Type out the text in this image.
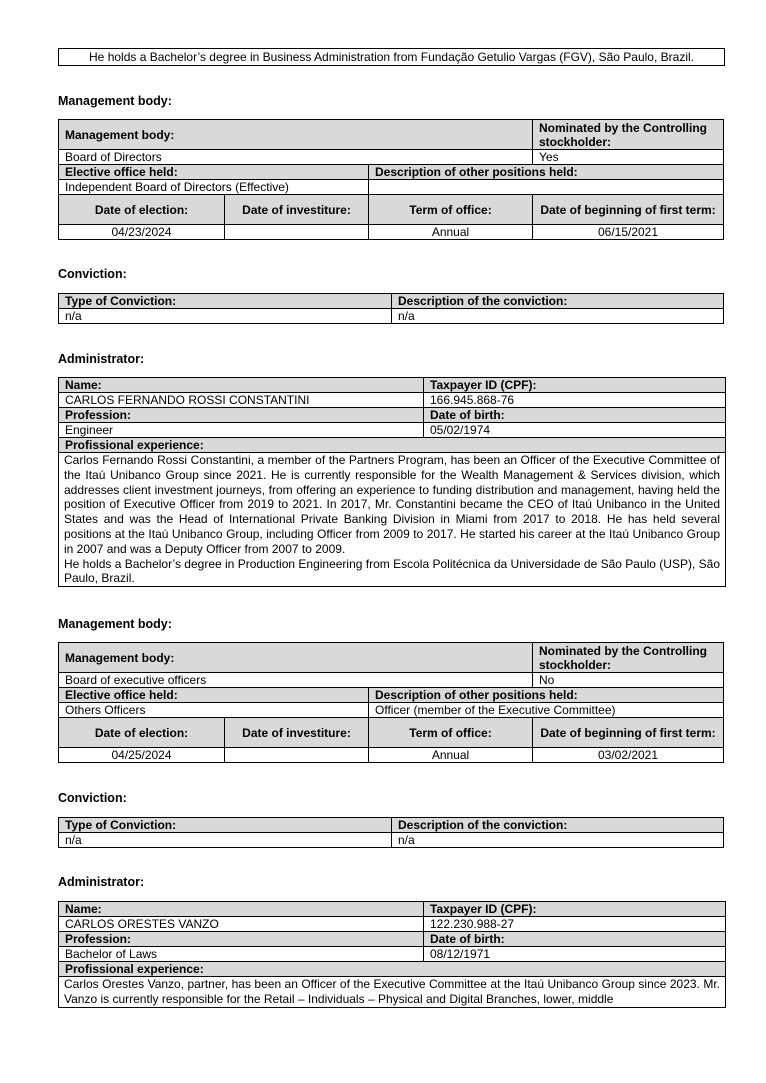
He holds a Bachelor’s degree in Business Administration from Fundação Getulio Vargas (FGV), São Paulo, Brazil.
Management body:
Management body:			Nominated by the Controlling stockholder:
Board of Directors			Yes
Elective office held:		Description of other positions held:	
Independent Board of Directors (Effective)			
Date of election:	Date of investiture:	Term of office:	Date of beginning of first term:
04/23/2024		Annual	06/15/2021
Conviction:
Type of Conviction:	Description of the conviction:
n/a	n/a
Administrator:
Name:	Taxpayer ID (CPF):
CARLOS FERNANDO ROSSI CONSTANTINI	166.945.868-76
Profession:	Date of birth:
Engineer	05/02/1974
Profissional experience:	

Carlos Fernando Rossi Constantini, a member of the Partners Program, has been an Officer of the Executive Committee of the Itaú Unibanco Group since 2021. He is currently responsible for the Wealth Management & Services division, which addresses client investment journeys, from offering an experience to funding distribution and management, having held the position of Executive Officer from 2019 to 2021. In 2017, Mr. Constantini became the CEO of Itaú Unibanco in the United States and was the Head of International Private Banking Division in Miami from 2017 to 2018. He has held several positions at the Itaú Unibanco Group, including Officer from 2009 to 2017. He started his career at the Itaú Unibanco Group in 2007 and was a Deputy Officer from 2007 to 2009.
He holds a Bachelor’s degree in Production Engineering from Escola Politécnica da Universidade de São Paulo (USP), São Paulo, Brazil.	
Management body:
Management body:			Nominated by the Controlling stockholder:
Board of executive officers			No
Elective office held:		Description of other positions held:	
Others Officers		Officer (member of the Executive Committee)	
Date of election:	Date of investiture:	Term of office:	Date of beginning of first term:
04/25/2024		Annual	03/02/2021
Conviction:
Type of Conviction:	Description of the conviction:
n/a	n/a
Administrator:
Name:	Taxpayer ID (CPF):
CARLOS ORESTES VANZO	122.230.988-27
Profession:	Date of birth:
Bachelor of Laws	08/12/1971
Profissional experience:	

Carlos Orestes Vanzo, partner, has been an Officer of the Executive Committee at the Itaú Unibanco Group since 2023. Mr. Vanzo is currently responsible for the Retail – Individuals – Physical and Digital Branches, lower, middle	
